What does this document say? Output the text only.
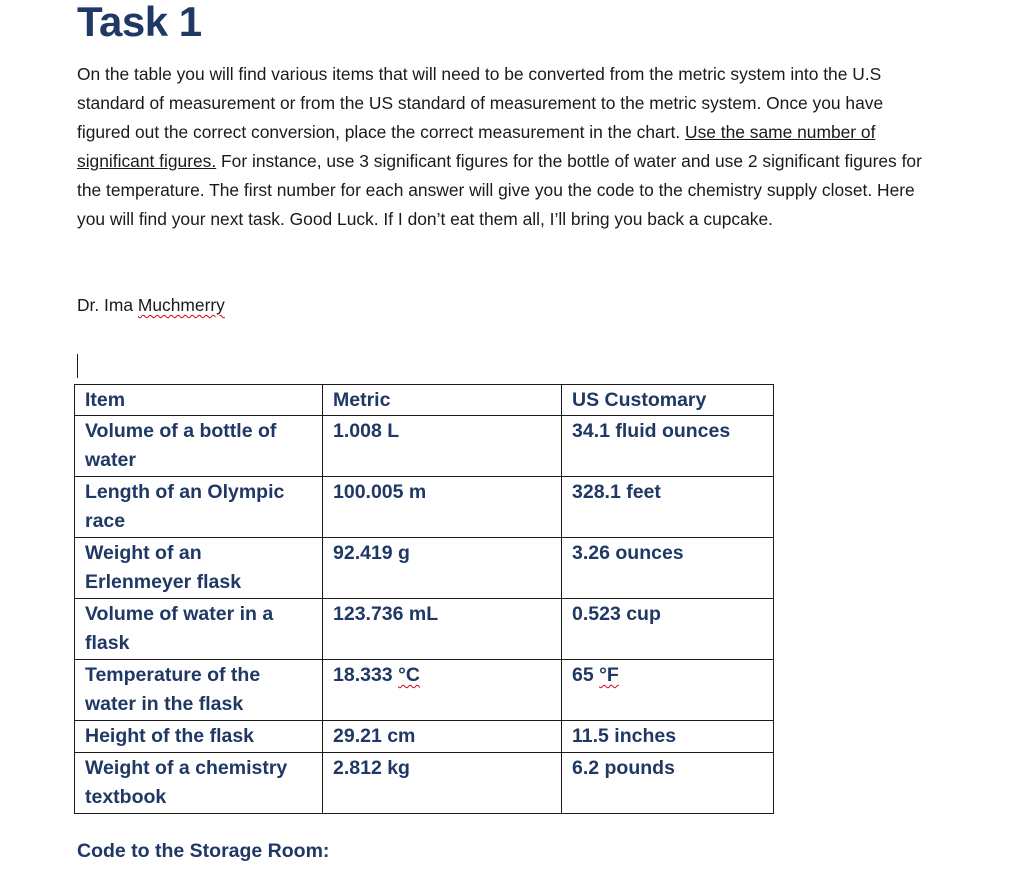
Task 1

On the table you will find various items that will need to be converted from the metric system into the U.S standard of measurement or from the US standard of measurement to the metric system. Once you have figured out the correct conversion, place the correct measurement in the chart. Use the same number of significant figures. For instance, use 3 significant figures for the bottle of water and use 2 significant figures for the temperature. The first number for each answer will give you the code to the chemistry supply closet. Here you will find your next task. Good Luck. If I don’t eat them all, I’ll bring you back a cupcake.

Dr. Ima Muchmerry

Item	Metric	US Customary
Volume of a bottle of water	1.008 L	34.1 fluid ounces
Length of an Olympic race	100.005 m	328.1 feet
Weight of an Erlenmeyer flask	92.419 g	3.26 ounces
Volume of water in a flask	123.736 mL	0.523 cup
Temperature of the water in the flask	18.333 °C	65 °F
Height of the flask	29.21 cm	11.5 inches
Weight of a chemistry textbook	2.812 kg	6.2 pounds

Code to the Storage Room:
